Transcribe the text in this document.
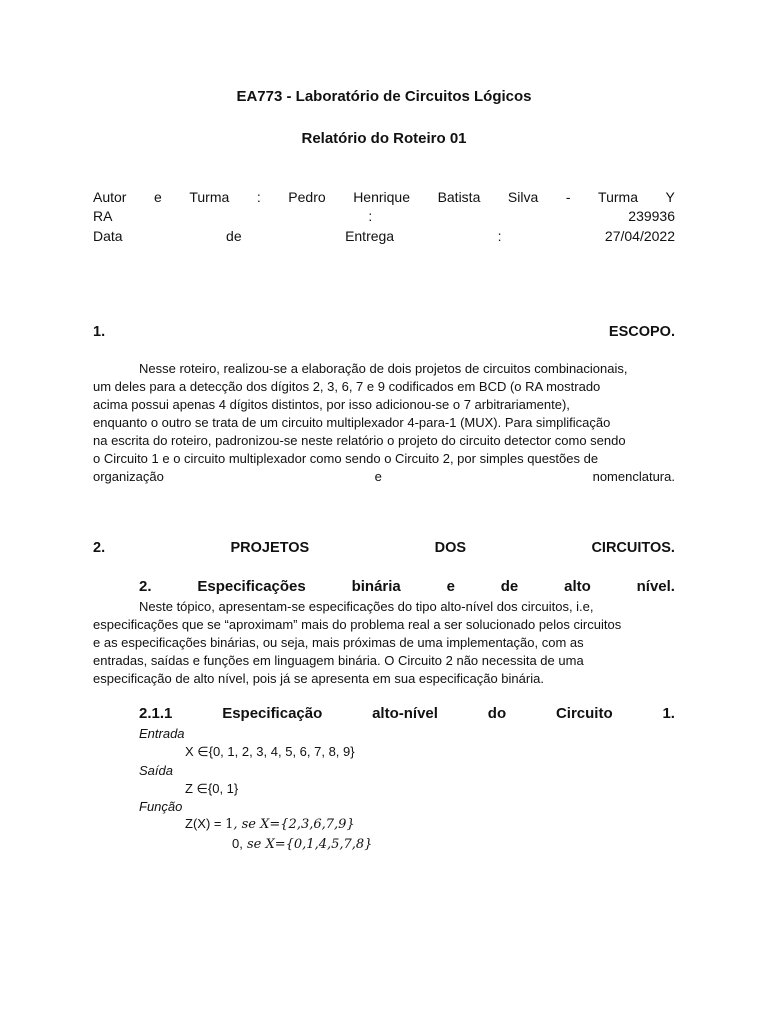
EA773 - Laboratório de Circuitos Lógicos
Relatório do Roteiro 01
Autor e Turma : Pedro Henrique Batista Silva - Turma Y
RA	:	239936
Data	de	Entrega	:	27/04/2022
1.	ESCOPO.
Nesse roteiro, realizou-se a elaboração de dois projetos de circuitos combinacionais,
um deles para a detecção dos dígitos 2, 3, 6, 7 e 9 codificados em BCD (o RA mostrado
acima possui apenas 4 dígitos distintos, por isso adicionou-se o 7 arbitrariamente),
enquanto o outro se trata de um circuito multiplexador 4-para-1 (MUX). Para simplificação
na escrita do roteiro, padronizou-se neste relatório o projeto do circuito detector como sendo
o Circuito 1 e o circuito multiplexador como sendo o Circuito 2, por simples questões de
organização	e	nomenclatura.
2.	PROJETOS	DOS	CIRCUITOS.
2.	Especificações	binária	e	de	alto	nível.
Neste tópico, apresentam-se especificações do tipo alto-nível dos circuitos, i.e,
especificações que se “aproximam” mais do problema real a ser solucionado pelos circuitos
e as especificações binárias, ou seja, mais próximas de uma implementação, com as
entradas, saídas e funções em linguagem binária. O Circuito 2 não necessita de uma
especificação de alto nível, pois já se apresenta em sua especificação binária.
2.1.1	Especificação	alto-nível	do	Circuito	1.
Entrada
X ∈{0, 1, 2, 3, 4, 5, 6, 7, 8, 9}
Saída
Z ∈{0, 1}
Função
Z(X) = 1, se X={2,3,6,7,9}
0, se X={0,1,4,5,7,8}
